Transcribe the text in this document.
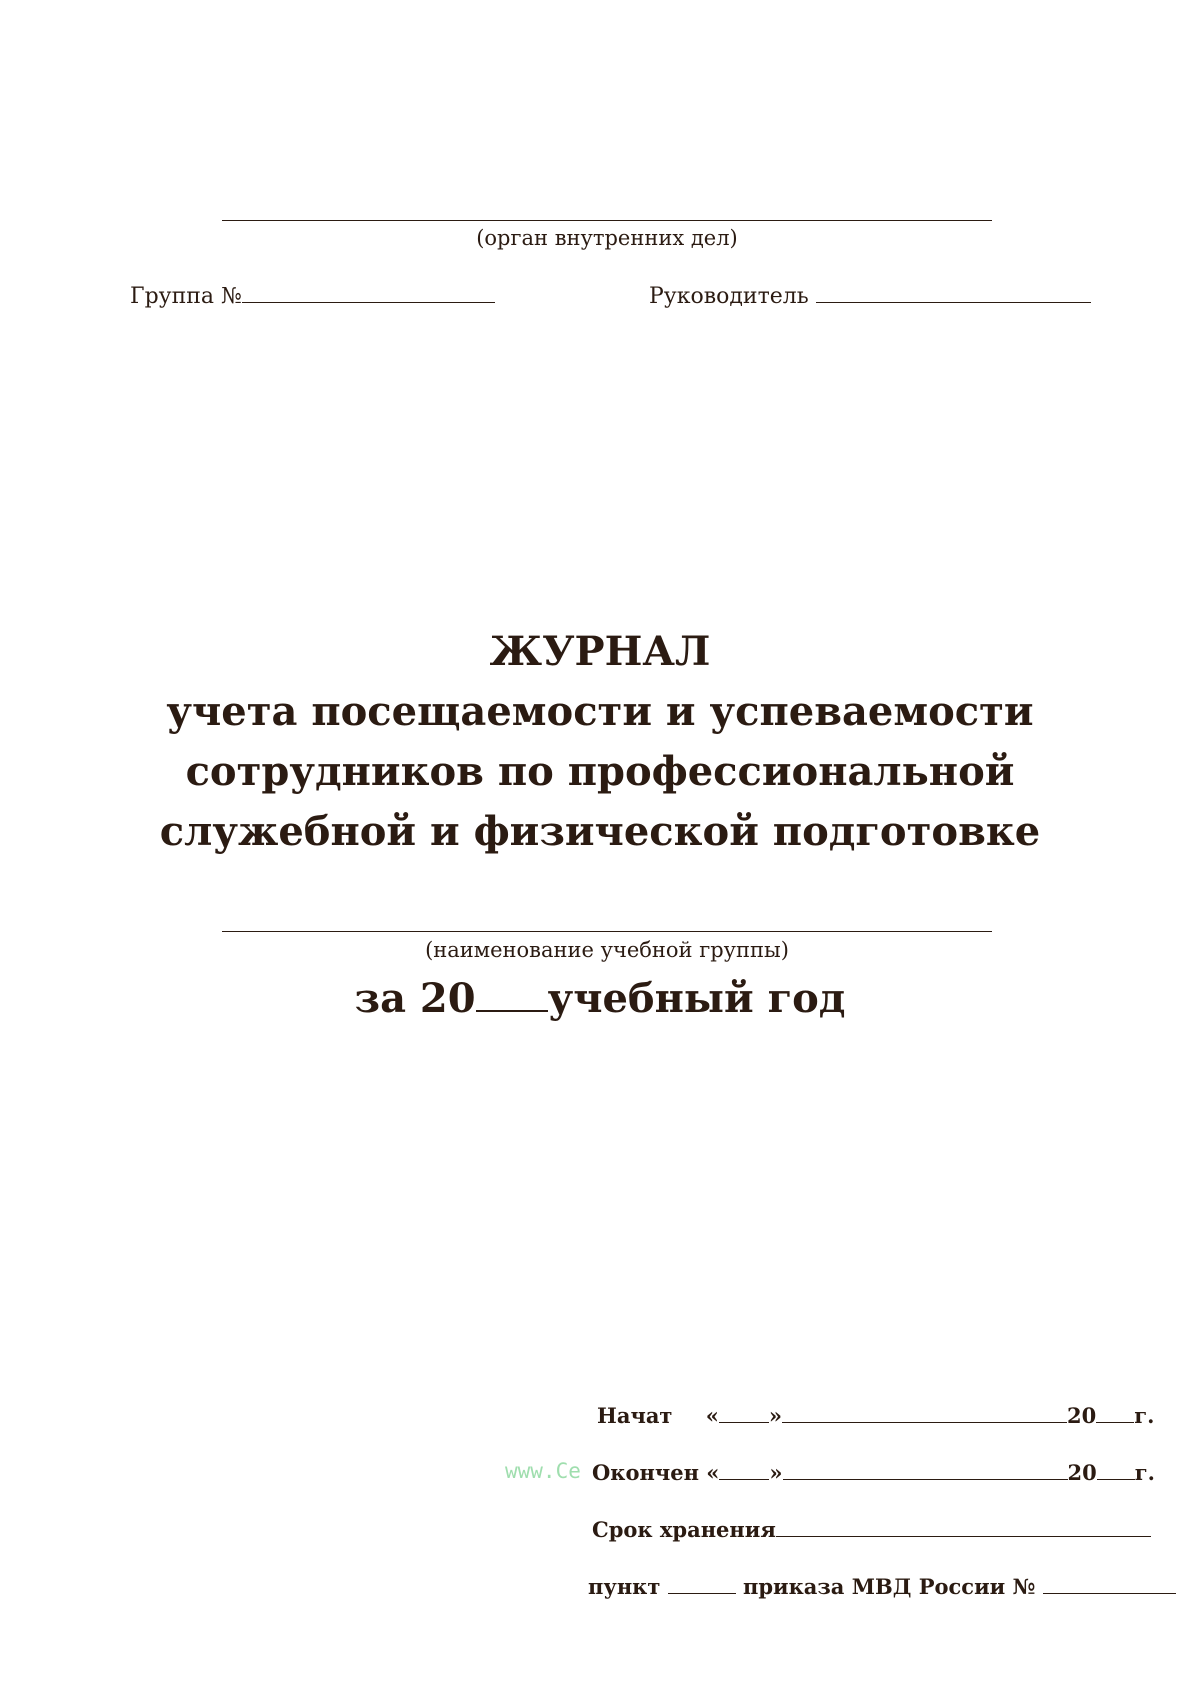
(орган внутренних дел)
Группа №	Руководитель
ЖУРНАЛ
учета посещаемости и успеваемости
сотрудников по профессиональной
служебной и физической подготовке
(наименование учебной группы)
за 20 учебный год
www.Ce
Начат « »	20 г.
Окончен « »	20 г.
Срок хранения
пункт	приказа МВД России №
